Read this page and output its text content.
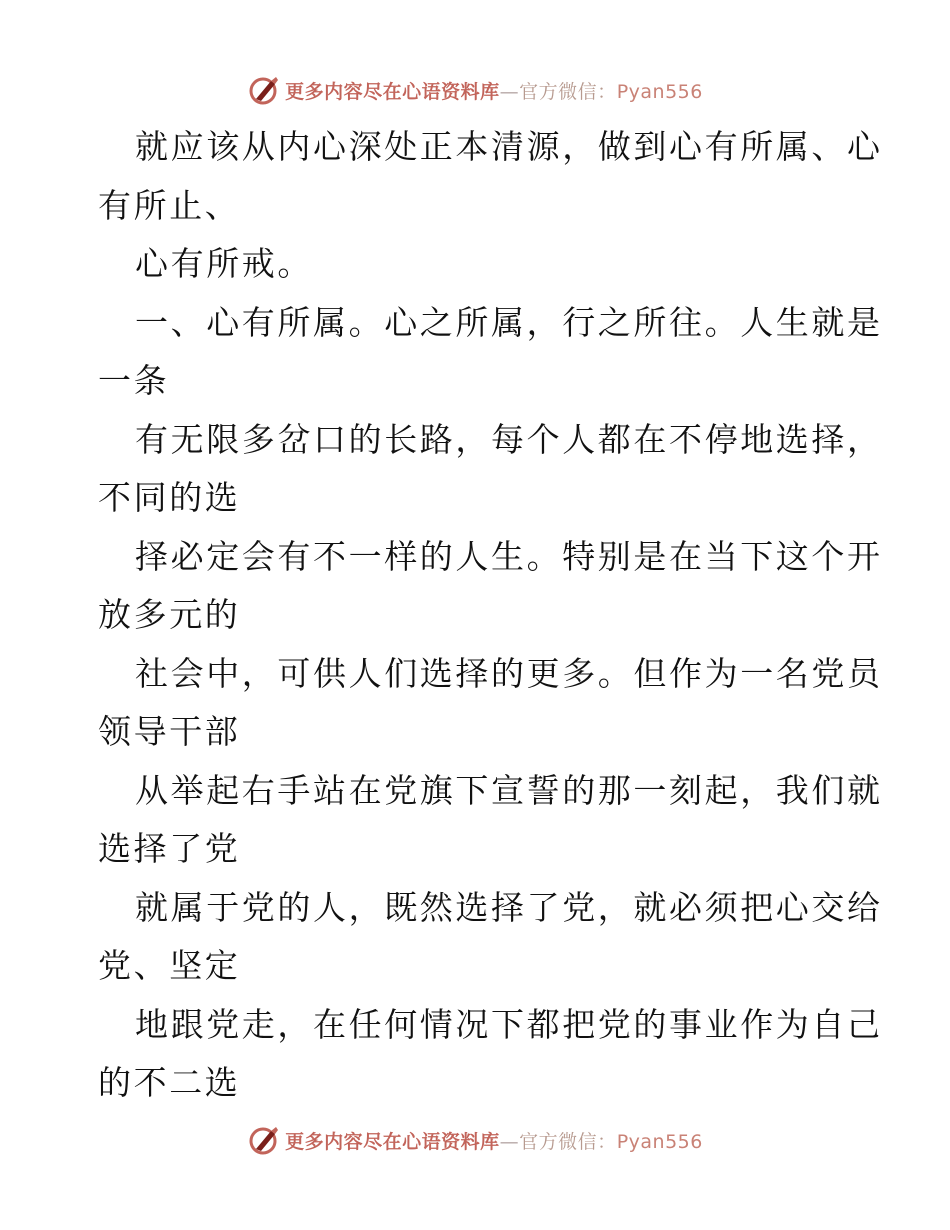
更多内容尽在心语资料库—官方微信：Pyan556
就应该从内心深处正本清源，做到心有所属、心
有所止、
心有所戒。
一、心有所属。心之所属，行之所往。人生就是
一条
有无限多岔口的长路，每个人都在不停地选择，
不同的选
择必定会有不一样的人生。特别是在当下这个开
放多元的
社会中，可供人们选择的更多。但作为一名党员
领导干部
从举起右手站在党旗下宣誓的那一刻起，我们就
选择了党
就属于党的人，既然选择了党，就必须把心交给
党、坚定
地跟党走，在任何情况下都把党的事业作为自己
的不二选
更多内容尽在心语资料库—官方微信：Pyan556
